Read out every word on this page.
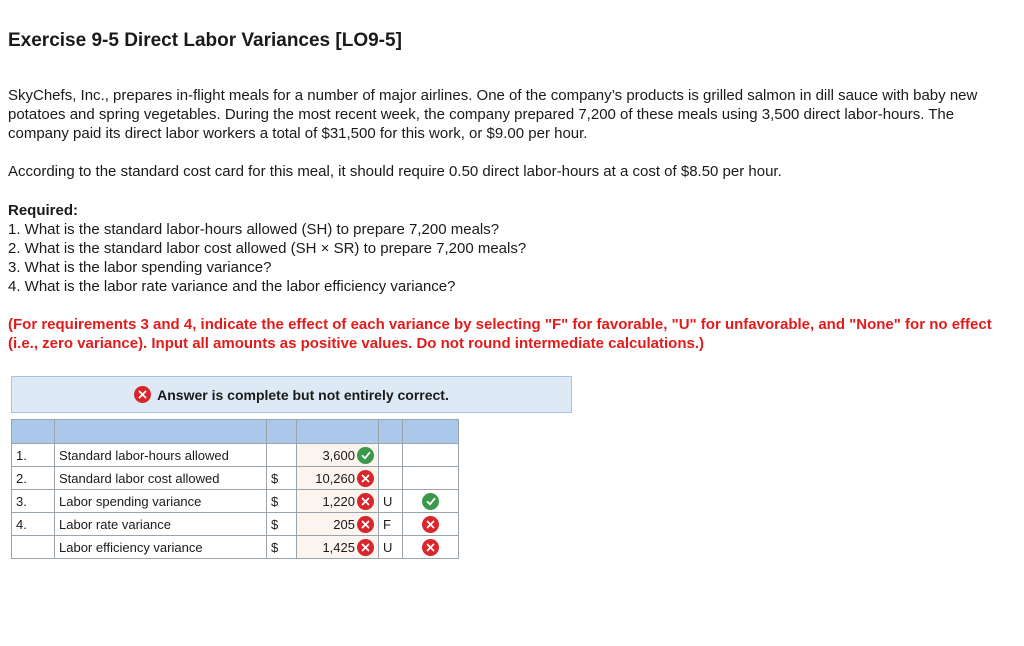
Exercise 9-5 Direct Labor Variances [LO9-5]

SkyChefs, Inc., prepares in-flight meals for a number of major airlines. One of the company’s products is grilled salmon in dill sauce with baby new potatoes and spring vegetables. During the most recent week, the company prepared 7,200 of these meals using 3,500 direct labor-hours. The company paid its direct labor workers a total of $31,500 for this work, or $9.00 per hour.

According to the standard cost card for this meal, it should require 0.50 direct labor-hours at a cost of $8.50 per hour.

Required:
1. What is the standard labor-hours allowed (SH) to prepare 7,200 meals?
2. What is the standard labor cost allowed (SH × SR) to prepare 7,200 meals?
3. What is the labor spending variance?
4. What is the labor rate variance and the labor efficiency variance?
(For requirements 3 and 4, indicate the effect of each variance by selecting "F" for favorable, "U" for unfavorable, and "None" for no effect (i.e., zero variance). Input all amounts as positive values. Do not round intermediate calculations.)
Answer is complete but not entirely correct.

1.	Standard labor-hours allowed		3,600		

2.	Standard labor cost allowed	$	10,260		

3.	Labor spending variance	$	1,220	U	

4.	Labor rate variance	$	205	F	

	Labor efficiency variance	$	1,425	U	
